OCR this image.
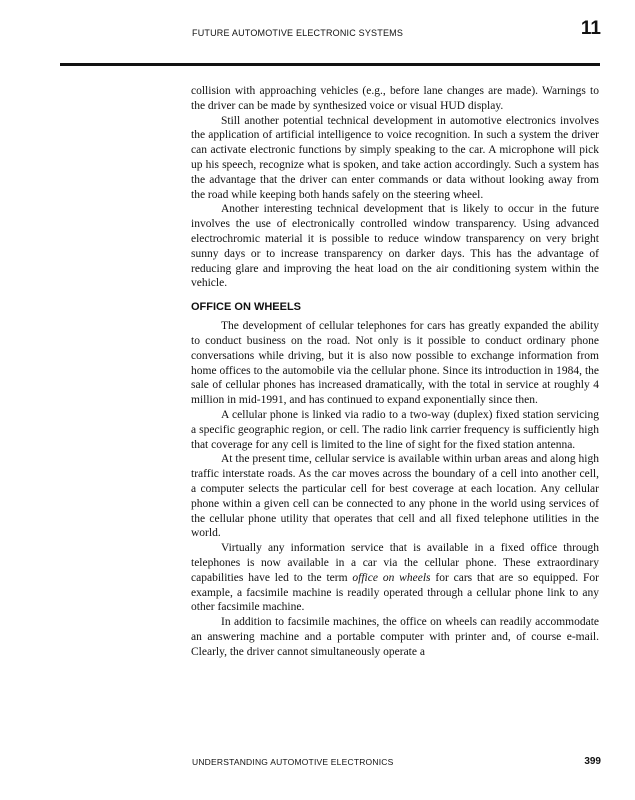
FUTURE AUTOMOTIVE ELECTRONIC SYSTEMS	11

collision with approaching vehicles (e.g., before lane changes are made). Warnings to the driver can be made by synthesized voice or visual HUD display.

Still another potential technical development in automotive electronics involves the application of artificial intelligence to voice recognition. In such a system the driver can activate electronic functions by simply speaking to the car. A microphone will pick up his speech, recognize what is spoken, and take action accordingly. Such a system has the advantage that the driver can enter commands or data without looking away from the road while keeping both hands safely on the steering wheel.

Another interesting technical development that is likely to occur in the future involves the use of electronically controlled window transparency. Using advanced electrochromic material it is possible to reduce window transparency on very bright sunny days or to increase transparency on darker days. This has the advantage of reducing glare and improving the heat load on the air conditioning system within the vehicle.

OFFICE ON WHEELS

The development of cellular telephones for cars has greatly expanded the ability to conduct business on the road. Not only is it possible to conduct ordinary phone conversations while driving, but it is also now possible to exchange information from home offices to the automobile via the cellular phone. Since its introduction in 1984, the sale of cellular phones has increased dramatically, with the total in service at roughly 4 million in mid-1991, and has continued to expand exponentially since then.

A cellular phone is linked via radio to a two-way (duplex) fixed station servicing a specific geographic region, or cell. The radio link carrier frequency is sufficiently high that coverage for any cell is limited to the line of sight for the fixed station antenna.

At the present time, cellular service is available within urban areas and along high traffic interstate roads. As the car moves across the boundary of a cell into another cell, a computer selects the particular cell for best coverage at each location. Any cellular phone within a given cell can be connected to any phone in the world using services of the cellular phone utility that operates that cell and all fixed telephone utilities in the world.

Virtually any information service that is available in a fixed office through telephones is now available in a car via the cellular phone. These extraordinary capabilities have led to the term office on wheels for cars that are so equipped. For example, a facsimile machine is readily operated through a cellular phone link to any other facsimile machine.

In addition to facsimile machines, the office on wheels can readily accommodate an answering machine and a portable computer with printer and, of course e-mail. Clearly, the driver cannot simultaneously operate a

UNDERSTANDING AUTOMOTIVE ELECTRONICS	399
